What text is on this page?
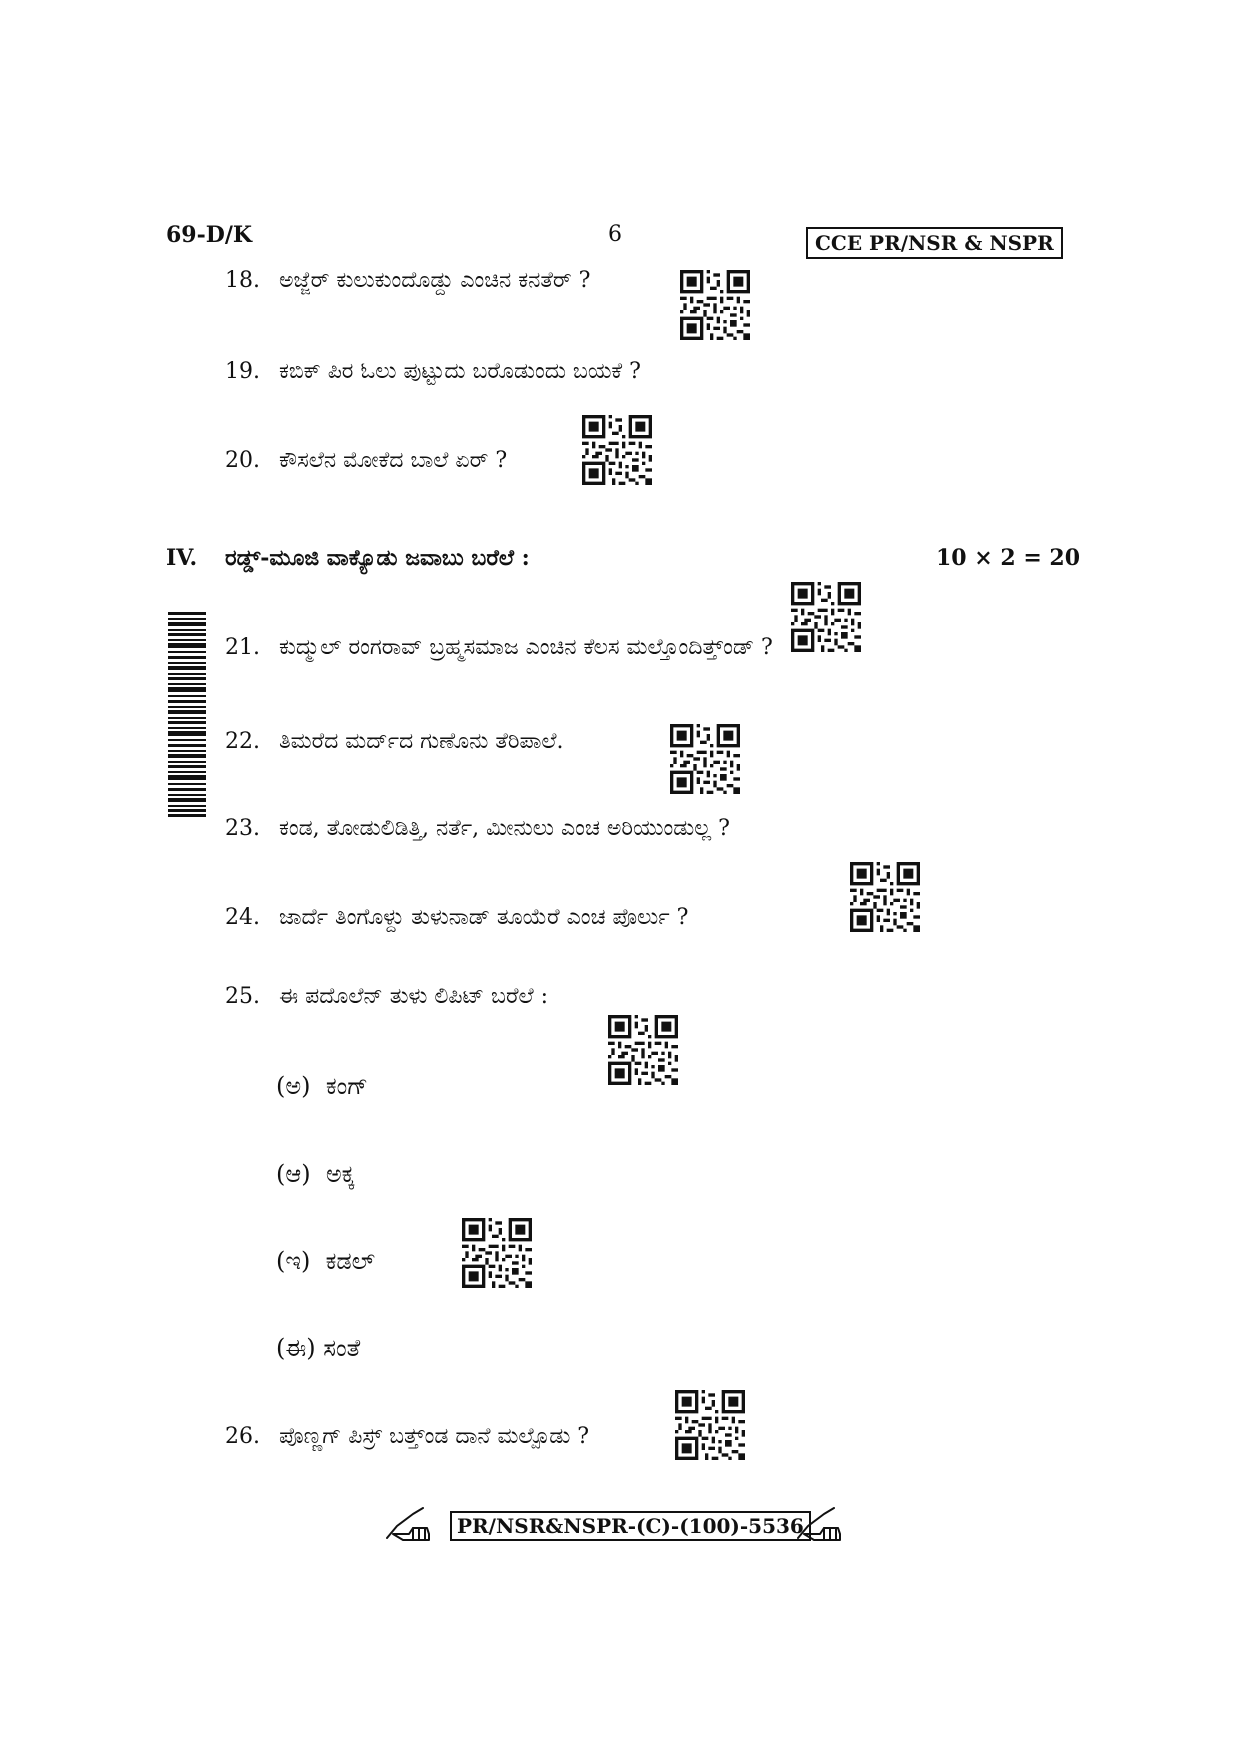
69-D/K	6	CCE PR/NSR & NSPR
18. ಅಜ್ಜೆರ್ ಕುಲುಕುಂದೊಡ್ದು ಎಂಚಿನ ಕನತೆರ್ ?
19. ಕಬಿಕ್ ಪಿರ ಓಲು ಪುಟ್ಟುದು ಬರೊಡುಂದು ಬಯಕೆ ?
20. ಕೌಸಲೆನ ಮೋಕೆದ ಬಾಲೆ ಏರ್ ?
IV. ರಡ್ಡ್-ಮೂಜಿ ವಾಕ್ಯೊಡು ಜವಾಬು ಬರೆಲೆ :	10 × 2 = 20
21. ಕುದ್ಮುಲ್ ರಂಗರಾವ್ ಬ್ರಹ್ಮಸಮಾಜ ಎಂಚಿನ ಕೆಲಸ ಮಲ್ತೊಂದಿತ್ತ್ಂಡ್ ?
22. ತಿಮರೆದ ಮರ್ದ್‌ದ ಗುಣೊನು ತೆರಿಪಾಲೆ.
23. ಕಂಡ, ತೋಡುಲಿಡಿತ್ತಿ, ನರ್ತೆ, ಮೀನುಲು ಎಂಚ ಅರಿಯುಂಡುಲ್ಲ ?
24. ಜಾರ್ದೆ ತಿಂಗೊಳ್ದು ತುಳುನಾಡ್ ತೂಯೆರೆ ಎಂಚ ಪೊರ್ಲು ?
25. ಈ ಪದೊಲೆನ್ ತುಳು ಲಿಪಿಟ್ ಬರೆಲೆ :
(ಅ) ಕಂಗ್
(ಆ) ಅಕ್ಕ
(ಇ) ಕಡಲ್
(ಈ) ಸಂತೆ
26. ಪೊಣ್ಣಗ್ ಪಿಸ್ರ್ ಬತ್ತ್ಂಡ ದಾನೆ ಮಲ್ಪೊಡು ?
PR/NSR&NSPR-(C)-(100)-5536
